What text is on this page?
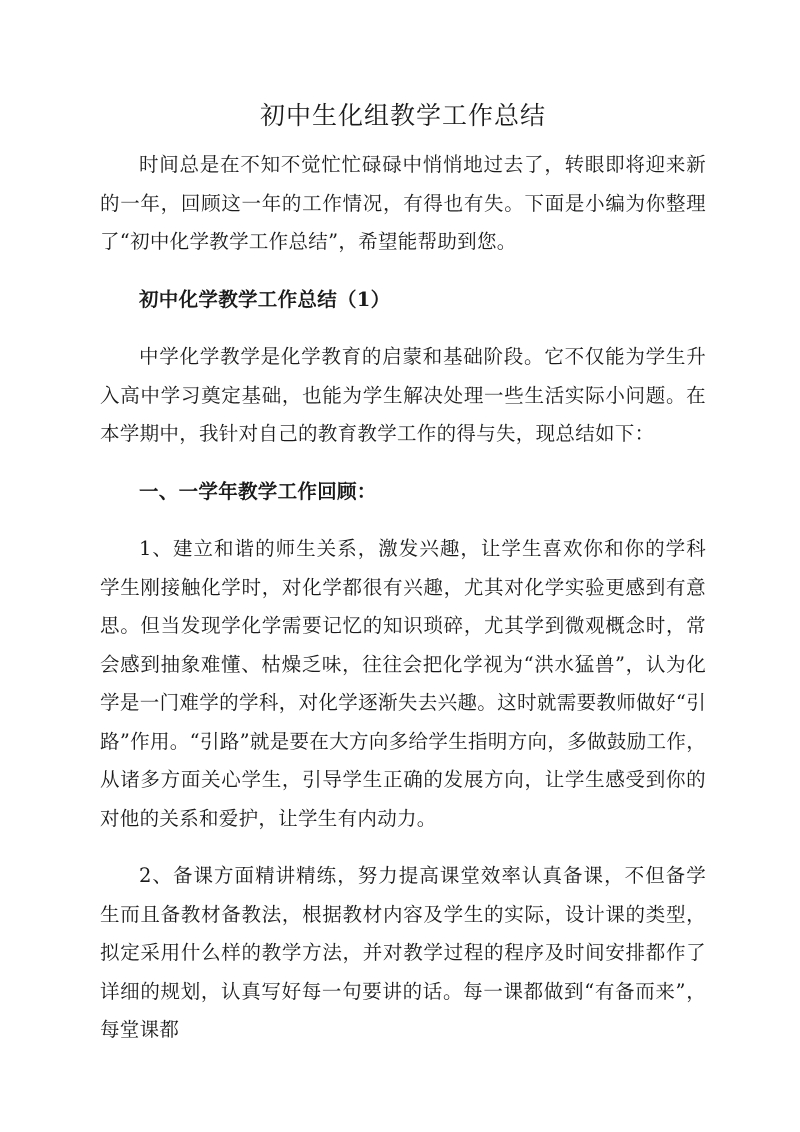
初中生化组教学工作总结

时间总是在不知不觉忙忙碌碌中悄悄地过去了，转眼即将迎来新的一年，回顾这一年的工作情况，有得也有失。下面是小编为你整理了“初中化学教学工作总结”，希望能帮助到您。

初中化学教学工作总结（1）

中学化学教学是化学教育的启蒙和基础阶段。它不仅能为学生升入高中学习奠定基础，也能为学生解决处理一些生活实际小问题。在本学期中，我针对自己的教育教学工作的得与失，现总结如下：

一、一学年教学工作回顾：

1、建立和谐的师生关系，激发兴趣，让学生喜欢你和你的学科学生刚接触化学时，对化学都很有兴趣，尤其对化学实验更感到有意思。但当发现学化学需要记忆的知识琐碎，尤其学到微观概念时，常会感到抽象难懂、枯燥乏味，往往会把化学视为“洪水猛兽”，认为化学是一门难学的学科，对化学逐渐失去兴趣。这时就需要教师做好“引路”作用。“引路”就是要在大方向多给学生指明方向，多做鼓励工作，从诸多方面关心学生，引导学生正确的发展方向，让学生感受到你的对他的关系和爱护，让学生有内动力。

2、备课方面精讲精练，努力提高课堂效率认真备课，不但备学生而且备教材备教法，根据教材内容及学生的实际，设计课的类型，拟定采用什么样的教学方法，并对教学过程的程序及时间安排都作了详细的规划，认真写好每一句要讲的话。每一课都做到“有备而来”，每堂课都
